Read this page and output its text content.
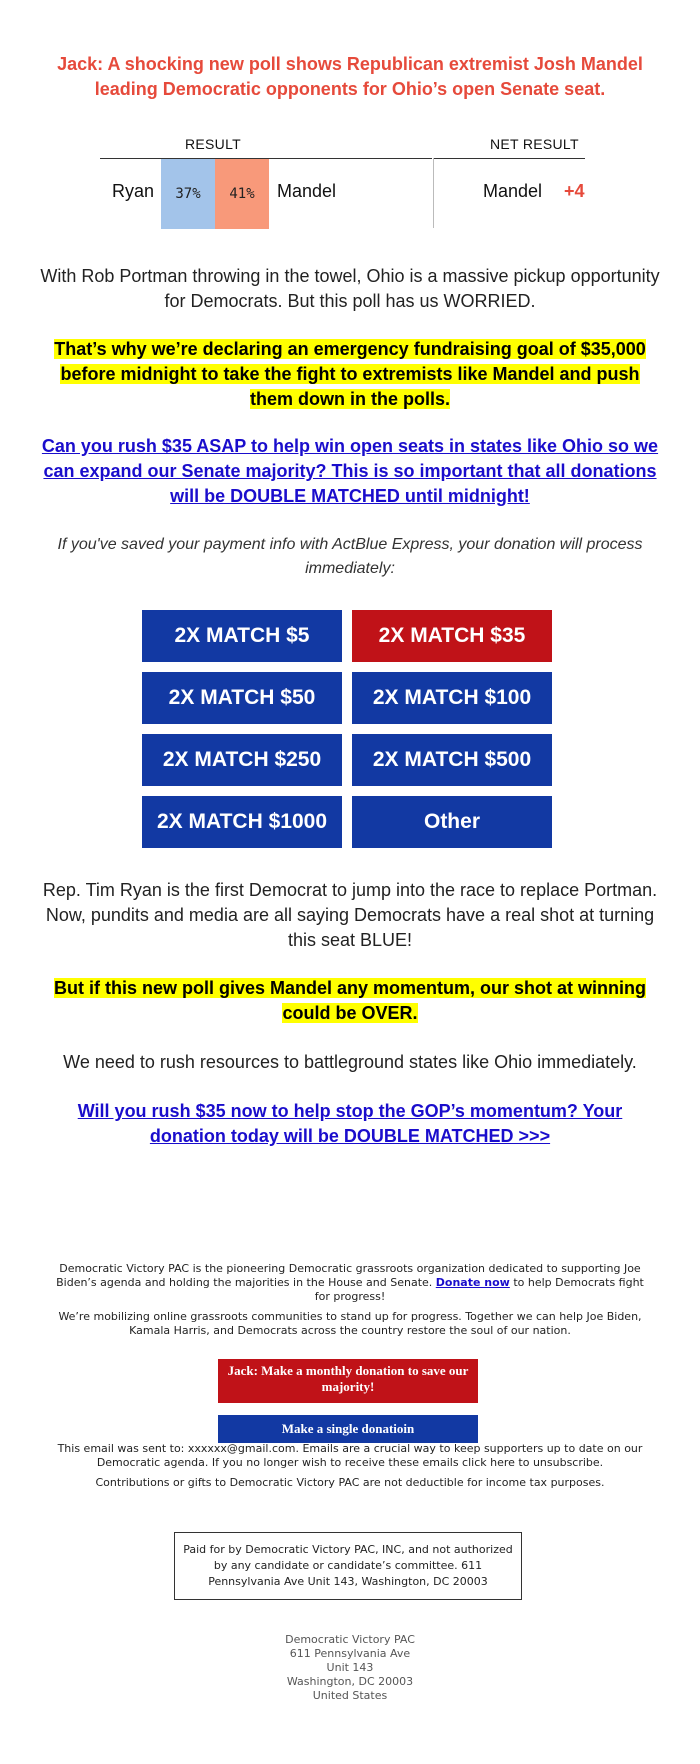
Jack: A shocking new poll shows Republican extremist Josh Mandel leading Democratic opponents for Ohio’s open Senate seat.
RESULT	NET RESULT
Ryan	37%	41%	Mandel	Mandel +4
With Rob Portman throwing in the towel, Ohio is a massive pickup opportunity for Democrats. But this poll has us WORRIED.
That’s why we’re declaring an emergency fundraising goal of $35,000 before midnight to take the fight to extremists like Mandel and push them down in the polls.
Can you rush $35 ASAP to help win open seats in states like Ohio so we can expand our Senate majority? This is so important that all donations will be DOUBLE MATCHED until midnight!
If you've saved your payment info with ActBlue Express, your donation will process immediately:
2X MATCH $5	2X MATCH $35
2X MATCH $50	2X MATCH $100
2X MATCH $250	2X MATCH $500
2X MATCH $1000	Other
Rep. Tim Ryan is the first Democrat to jump into the race to replace Portman. Now, pundits and media are all saying Democrats have a real shot at turning this seat BLUE!
But if this new poll gives Mandel any momentum, our shot at winning could be OVER.
We need to rush resources to battleground states like Ohio immediately.
Will you rush $35 now to help stop the GOP’s momentum? Your donation today will be DOUBLE MATCHED >>>
Democratic Victory PAC is the pioneering Democratic grassroots organization dedicated to supporting Joe Biden’s agenda and holding the majorities in the House and Senate. Donate now to help Democrats fight for progress!
We’re mobilizing online grassroots communities to stand up for progress. Together we can help Joe Biden, Kamala Harris, and Democrats across the country restore the soul of our nation.
Jack: Make a monthly donation to save our majority!
Make a single donatioin
This email was sent to: xxxxxx@gmail.com. Emails are a crucial way to keep supporters up to date on our Democratic agenda. If you no longer wish to receive these emails click here to unsubscribe.
Contributions or gifts to Democratic Victory PAC are not deductible for income tax purposes.
Paid for by Democratic Victory PAC, INC, and not authorized by any candidate or candidate’s committee. 611 Pennsylvania Ave Unit 143, Washington, DC 20003
Democratic Victory PAC
611 Pennsylvania Ave
Unit 143
Washington, DC 20003
United States
